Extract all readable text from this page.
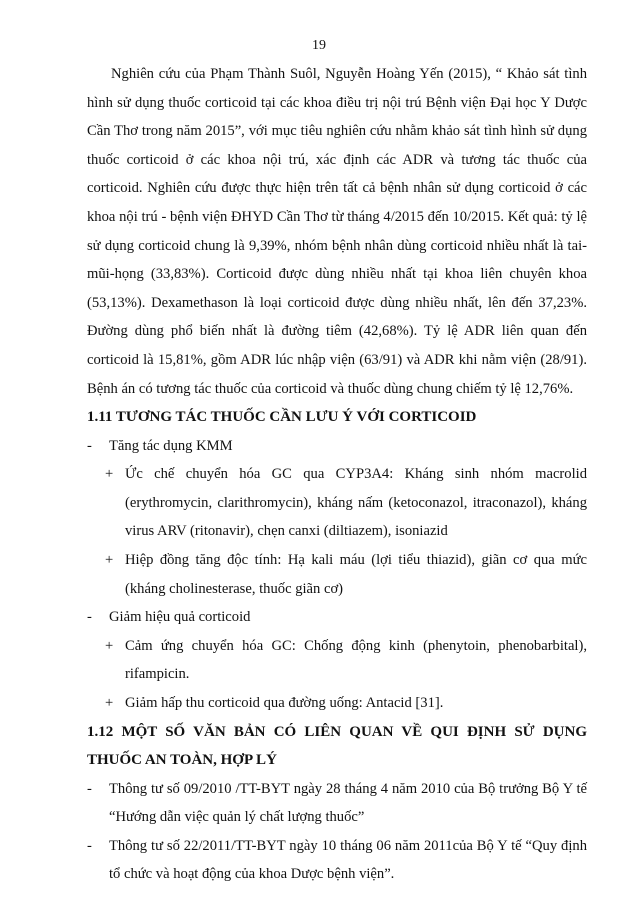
19

Nghiên cứu của Phạm Thành Suôl, Nguyễn Hoàng Yến (2015), “ Khảo sát tình hình sử dụng thuốc corticoid tại các khoa điều trị nội trú Bệnh viện Đại học Y Dược Cần Thơ trong năm 2015”, với mục tiêu nghiên cứu nhằm khảo sát tình hình sử dụng thuốc corticoid ở các khoa nội trú, xác định các ADR và tương tác thuốc của corticoid. Nghiên cứu được thực hiện trên tất cả bệnh nhân sử dụng corticoid ở các khoa nội trú - bệnh viện ĐHYD Cần Thơ từ tháng 4/2015 đến 10/2015. Kết quả: tỷ lệ sử dụng corticoid chung là 9,39%, nhóm bệnh nhân dùng corticoid nhiều nhất là tai-mũi-họng (33,83%). Corticoid được dùng nhiều nhất tại khoa liên chuyên khoa (53,13%). Dexamethason là loại corticoid được dùng nhiều nhất, lên đến 37,23%. Đường dùng phổ biến nhất là đường tiêm (42,68%). Tỷ lệ ADR liên quan đến corticoid là 15,81%, gồm ADR lúc nhập viện (63/91) và ADR khi nằm viện (28/91). Bệnh án có tương tác thuốc của corticoid và thuốc dùng chung chiếm tỷ lệ 12,76%.

1.11 TƯƠNG TÁC THUỐC CẦN LƯU Ý VỚI CORTICOID

- Tăng tác dụng KMM

+ Ức chế chuyển hóa GC qua CYP3A4: Kháng sinh nhóm macrolid (erythromycin, clarithromycin), kháng nấm (ketoconazol, itraconazol), kháng virus ARV (ritonavir), chẹn canxi (diltiazem), isoniazid

+ Hiệp đồng tăng độc tính: Hạ kali máu (lợi tiểu thiazid), giãn cơ qua mức (kháng cholinesterase, thuốc giãn cơ)

- Giảm hiệu quả corticoid

+ Cảm ứng chuyển hóa GC: Chống động kinh (phenytoin, phenobarbital), rifampicin.

+ Giảm hấp thu corticoid qua đường uống: Antacid [31].

1.12 MỘT SỐ VĂN BẢN CÓ LIÊN QUAN VỀ QUI ĐỊNH SỬ DỤNG THUỐC AN TOÀN, HỢP LÝ

- Thông tư số 09/2010 /TT-BYT ngày 28 tháng 4 năm 2010 của Bộ trưởng Bộ Y tế “Hướng dẫn việc quản lý chất lượng thuốc”

- Thông tư số 22/2011/TT-BYT ngày 10 tháng 06 năm 2011của Bộ Y tế “Quy định tổ chức và hoạt động của khoa Dược bệnh viện”.
